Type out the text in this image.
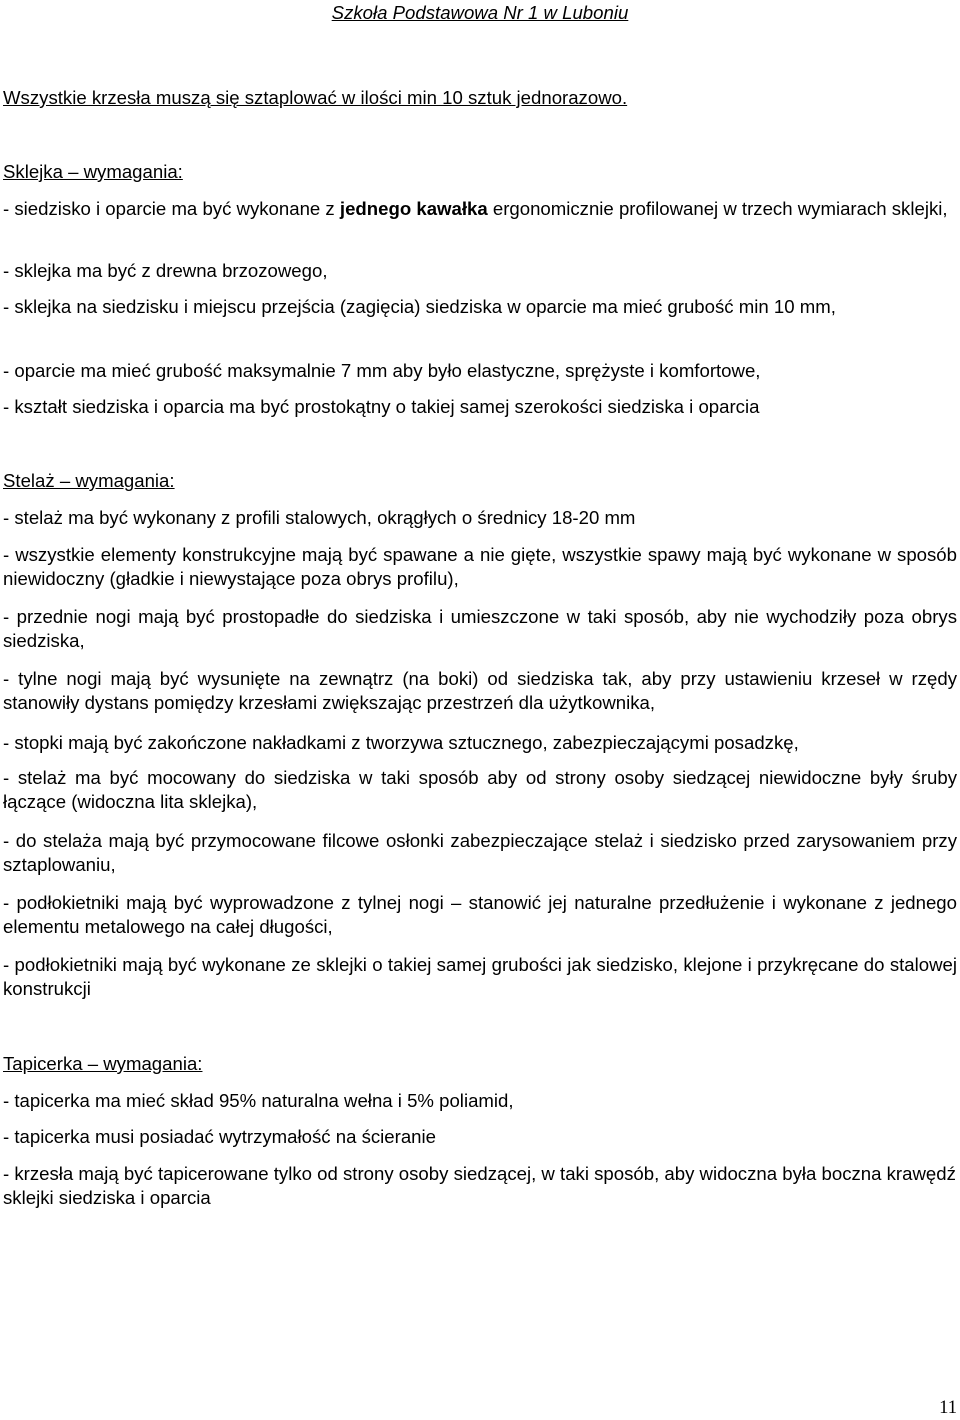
Szkoła Podstawowa Nr 1 w Luboniu

Wszystkie krzesła muszą się sztaplować w ilości min 10 sztuk jednorazowo.

Sklejka – wymagania:

- siedzisko i oparcie ma być wykonane z jednego kawałka ergonomicznie profilowanej w trzech wymiarach sklejki,

- sklejka ma być z drewna brzozowego,

- sklejka na siedzisku i miejscu przejścia (zagięcia) siedziska w oparcie ma mieć grubość min 10 mm,

- oparcie ma mieć grubość maksymalnie 7 mm aby było elastyczne, sprężyste i komfortowe,

- kształt siedziska i oparcia ma być prostokątny o takiej samej szerokości siedziska i oparcia

Stelaż – wymagania:

- stelaż ma być wykonany z profili stalowych, okrągłych o średnicy 18-20 mm

- wszystkie elementy konstrukcyjne mają być spawane a nie gięte, wszystkie spawy mają być wykonane w sposób niewidoczny (gładkie i niewystające poza obrys profilu),

- przednie nogi mają być prostopadłe do siedziska i umieszczone w taki sposób, aby nie wychodziły poza obrys siedziska,

- tylne nogi mają być wysunięte na zewnątrz (na boki) od siedziska tak, aby przy ustawieniu krzeseł w rzędy stanowiły dystans pomiędzy krzesłami zwiększając przestrzeń dla użytkownika,

- stopki mają być zakończone nakładkami z tworzywa sztucznego, zabezpieczającymi posadzkę,

- stelaż ma być mocowany do siedziska w taki sposób aby od strony osoby siedzącej niewidoczne były śruby łączące (widoczna lita sklejka),

- do stelaża mają być przymocowane filcowe osłonki zabezpieczające stelaż i siedzisko przed zarysowaniem przy sztaplowaniu,

- podłokietniki mają być wyprowadzone z tylnej nogi – stanowić jej naturalne przedłużenie i wykonane z jednego elementu metalowego na całej długości,

- podłokietniki mają być wykonane ze sklejki o takiej samej grubości jak siedzisko, klejone i przykręcane do stalowej konstrukcji

Tapicerka – wymagania:

- tapicerka ma mieć skład 95% naturalna wełna i 5% poliamid,

- tapicerka musi posiadać wytrzymałość na ścieranie

- krzesła mają być tapicerowane tylko od strony osoby siedzącej, w taki sposób, aby widoczna była boczna krawędź sklejki siedziska i oparcia

11
